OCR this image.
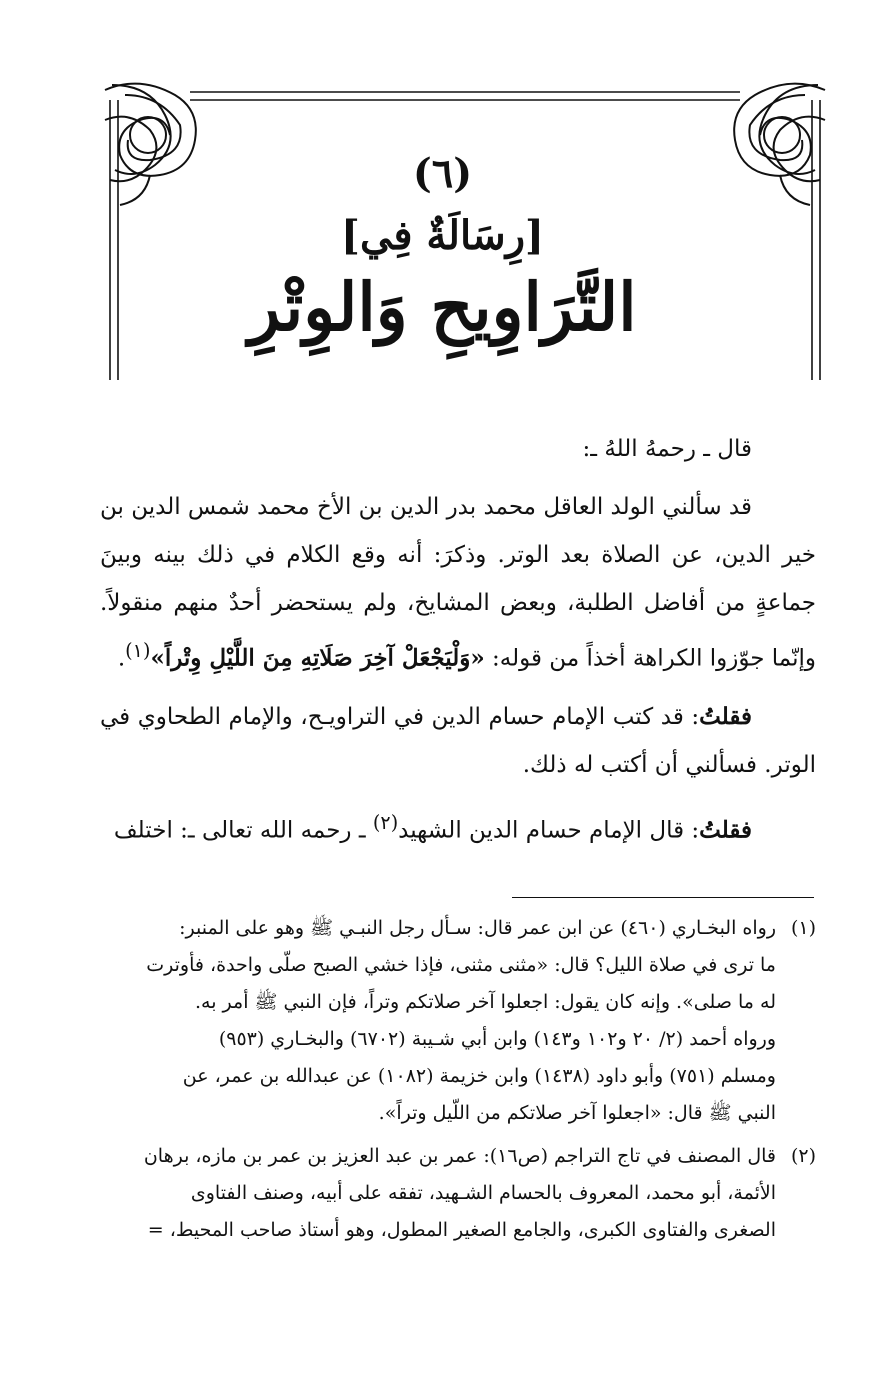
(٦)
[رِسَالَةٌ فِي]
التَّرَاوِيحِ وَالوِتْرِ

قال ـ رحمهُ اللهُ ـ:

قد سألني الولد العاقل محمد بدر الدين بن الأخ محمد شمس الدين بن خير الدين، عن الصلاة بعد الوتر. وذكرَ: أنه وقع الكلام في ذلك بينه وبينَ جماعةٍ من أفاضل الطلبة، وبعض المشايخ، ولم يستحضر أحدٌ منهم منقولاً. وإنّما جوّزوا الكراهة أخذاً من قوله: «وَلْيَجْعَلْ آخِرَ صَلَاتِهِ مِنَ اللَّيْلِ وِتْراً»$^{(١)}$.

فقلتُ: قد كتب الإمام حسام الدين في التراويـح، والإمام الطحاوي في الوتر. فسألني أن أكتب له ذلك.

فقلتُ: قال الإمام حسام الدين الشهيد$^{(٢)}$ ـ رحمه الله تعالى ـ: اختلف

(١)

رواه البخـاري (٤٦٠) عن ابن عمر قال: سـأل رجل النبـي ﷺ وهو على المنبر:

ما ترى في صلاة الليل؟ قال: «مثنى مثنى، فإذا خشي الصبح صلّى واحدة، فأوترت

له ما صلى». وإنه كان يقول: اجعلوا آخر صلاتكم وتراً، فإن النبي ﷺ أمر به.

ورواه أحمد (٢/ ٢٠ و١٠٢ و١٤٣) وابن أبي شـيبة (٦٧٠٢) والبخـاري (٩٥٣)

ومسلم (٧٥١) وأبو داود (١٤٣٨) وابن خزيمة (١٠٨٢) عن عبدالله بن عمر، عن

النبي ﷺ قال: «اجعلوا آخر صلاتكم من اللّيل وتراً».

(٢)

قال المصنف في تاج التراجم (ص١٦): عمر بن عبد العزيز بن عمر بن مازه، برهان

الأئمة، أبو محمد، المعروف بالحسام الشـهيد، تفقه على أبيه، وصنف الفتاوى

الصغرى والفتاوى الكبرى، والجامع الصغير المطول، وهو أستاذ صاحب المحيط، =
